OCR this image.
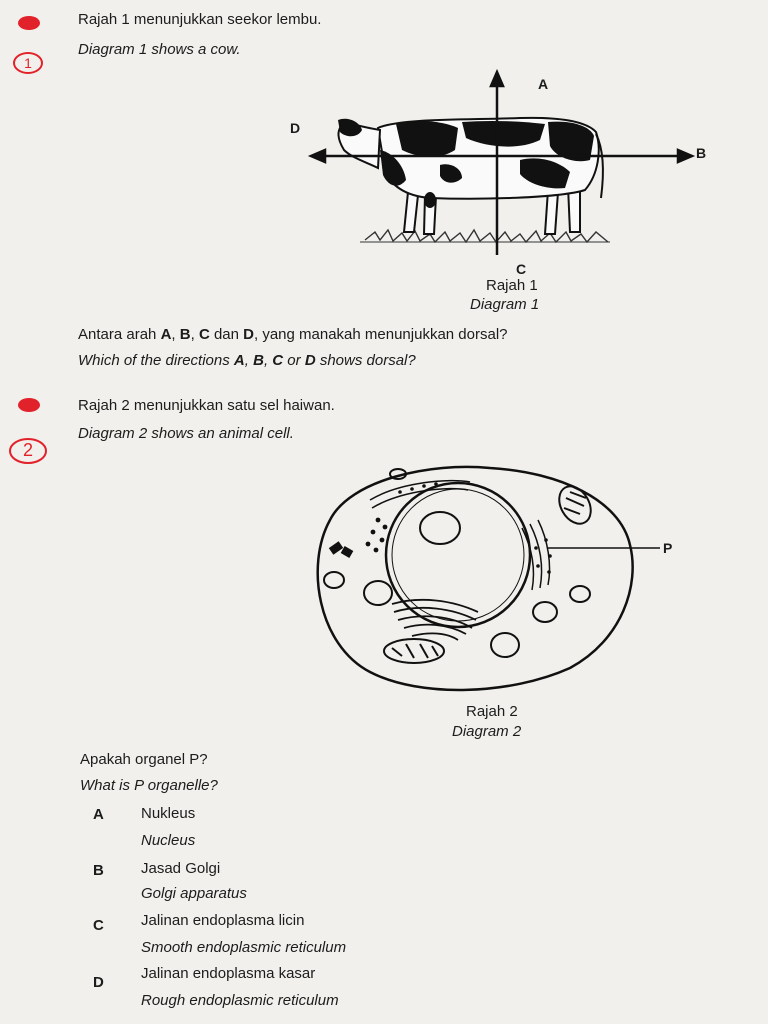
1
Rajah 1 menunjukkan seekor lembu.
Diagram 1 shows a cow.
A
B
C
D
Rajah 1
Diagram 1
Antara arah A, B, C dan D, yang manakah menunjukkan dorsal?
Which of the directions A, B, C or D shows dorsal?
2
Rajah 2 menunjukkan satu sel haiwan.
Diagram 2 shows an animal cell.
P
Rajah 2
Diagram 2
Apakah organel P?
What is P organelle?
A Nukleus
Nucleus
B Jasad Golgi
Golgi apparatus
C Jalinan endoplasma licin
Smooth endoplasmic reticulum
D
Jalinan endoplasma kasar
Rough endoplasmic reticulum
